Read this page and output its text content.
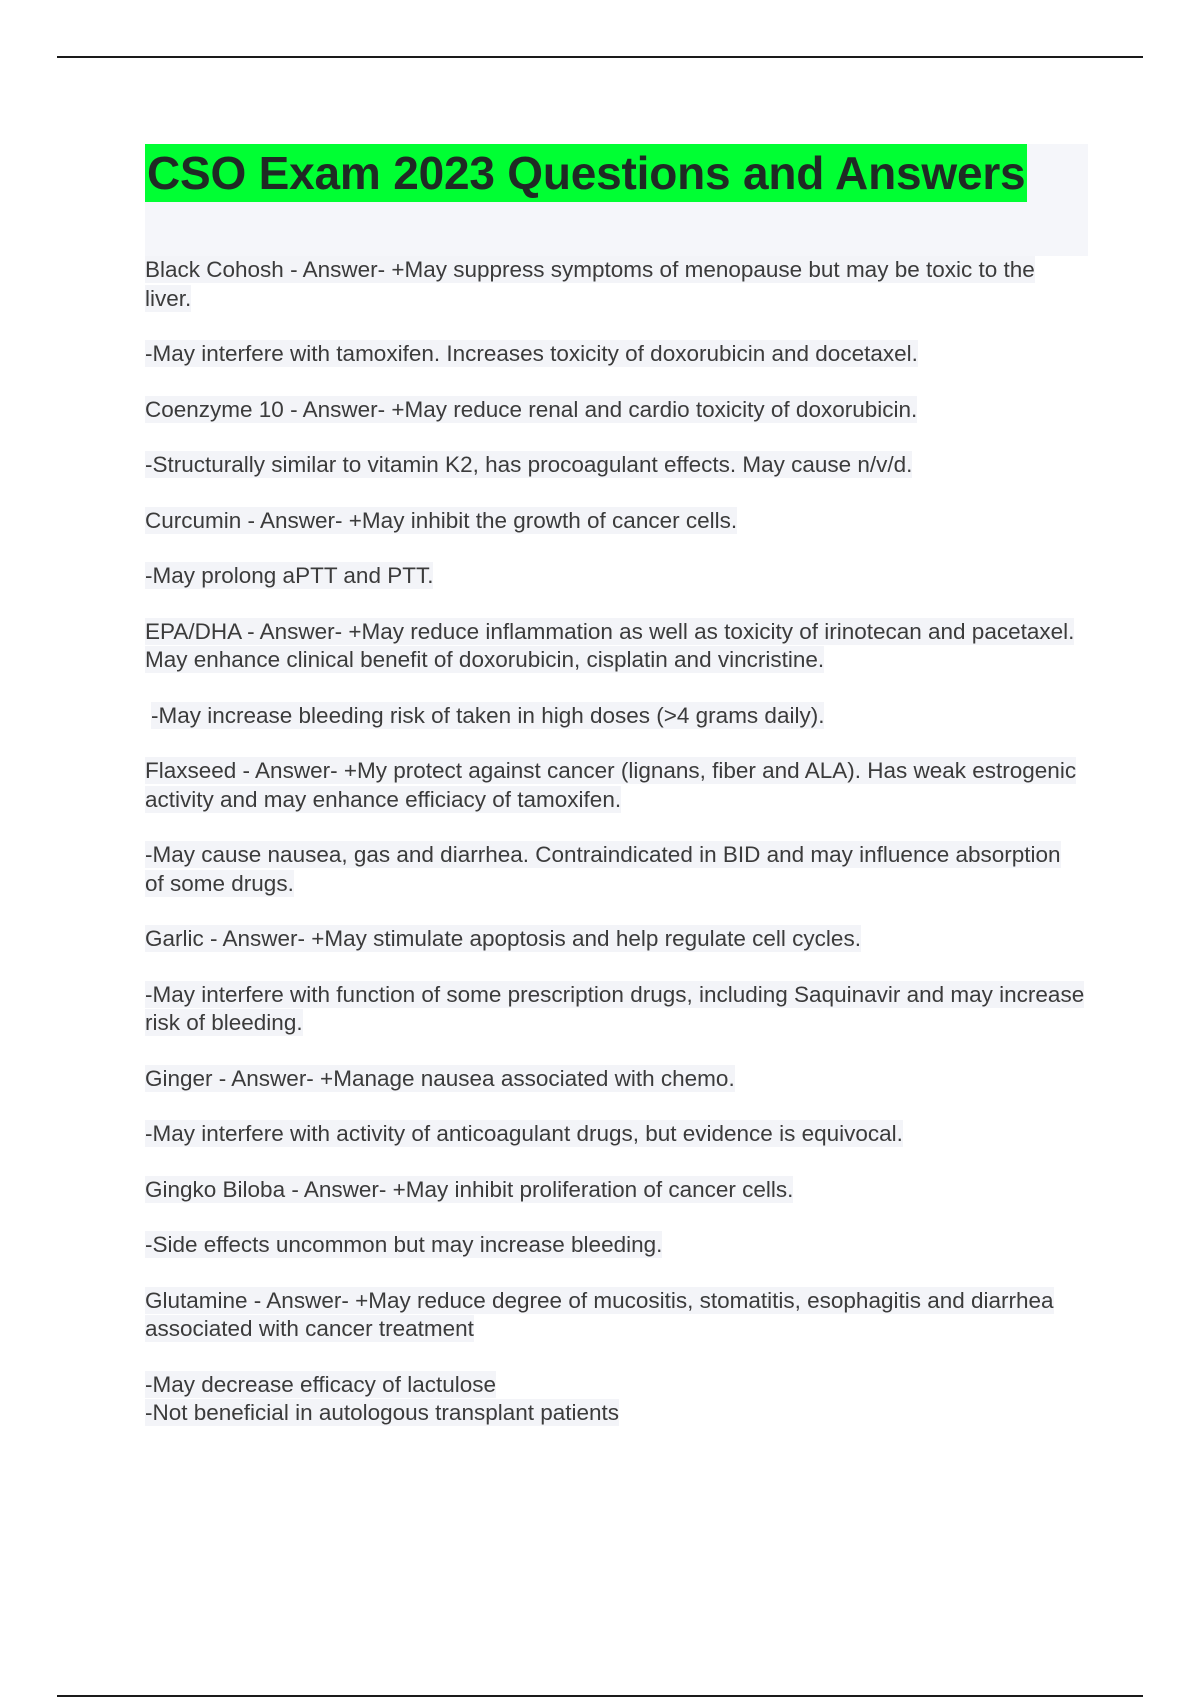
CSO Exam 2023 Questions and Answers

Black Cohosh - Answer- +May suppress symptoms of menopause but may be toxic to the liver.

-May interfere with tamoxifen. Increases toxicity of doxorubicin and docetaxel.

Coenzyme 10 - Answer- +May reduce renal and cardio toxicity of doxorubicin.

-Structurally similar to vitamin K2, has procoagulant effects. May cause n/v/d.

Curcumin - Answer- +May inhibit the growth of cancer cells.

-May prolong aPTT and PTT.

EPA/DHA - Answer- +May reduce inflammation as well as toxicity of irinotecan and pacetaxel. May enhance clinical benefit of doxorubicin, cisplatin and vincristine.

-May increase bleeding risk of taken in high doses (>4 grams daily).

Flaxseed - Answer- +My protect against cancer (lignans, fiber and ALA). Has weak estrogenic activity and may enhance efficiacy of tamoxifen.

-May cause nausea, gas and diarrhea. Contraindicated in BID and may influence absorption of some drugs.

Garlic - Answer- +May stimulate apoptosis and help regulate cell cycles.

-May interfere with function of some prescription drugs, including Saquinavir and may increase risk of bleeding.

Ginger - Answer- +Manage nausea associated with chemo.

-May interfere with activity of anticoagulant drugs, but evidence is equivocal.

Gingko Biloba - Answer- +May inhibit proliferation of cancer cells.

-Side effects uncommon but may increase bleeding.

Glutamine - Answer- +May reduce degree of mucositis, stomatitis, esophagitis and diarrhea associated with cancer treatment

-May decrease efficacy of lactulose

-Not beneficial in autologous transplant patients
